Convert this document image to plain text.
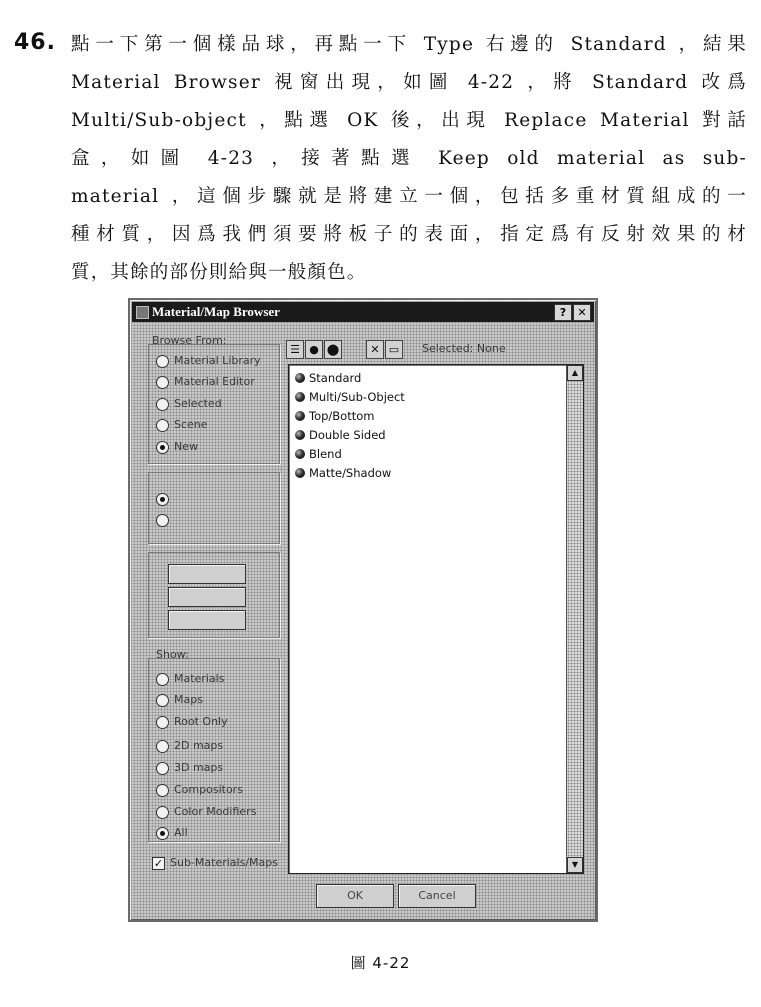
46. 點一下第一個樣品球，再點一下 Type 右邊的 Standard ，結果
Material Browser 視窗出現，如圖 4-22 ，將 Standard 改爲
Multi/Sub-object ，點選 OK 後，出現 Replace Material 對話
盒，如圖 4-23 ，接著點選 Keep old material as sub-
material ，這個步驟就是將建立一個，包括多重材質組成的一
種材質，因爲我們須要將板子的表面，指定爲有反射效果的材
質，其餘的部份則給與一般顏色。
Material/Map Browser	?	✕
Browse From:
Material Library
Material Editor
Selected
Scene
New
Show:
Materials
Maps
Root Only
2D maps
3D maps
Compositors
Color Modifiers
All
✓ Sub-Materials/Maps
☰ ● ⬤	✕ ▭	Selected: None
Standard
Multi/Sub-Object
Top/Bottom
Double Sided
Blend
Matte/Shadow
▲
▼
OK	Cancel
圖 4-22
